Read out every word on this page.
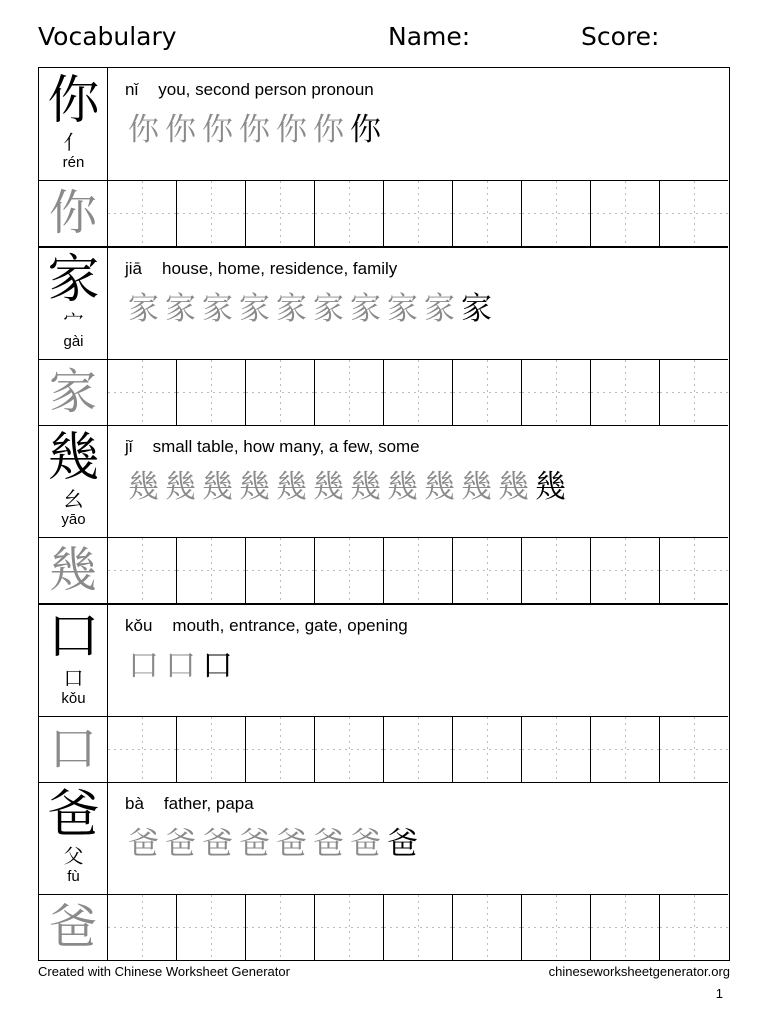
Vocabulary	Name:	Score:
你
亻
rén
nǐ you, second person pronoun
你 你 你 你 你 你 你
你
家
宀
gài
jiā house, home, residence, family
家 家 家 家 家 家 家 家 家 家
家
幾
幺
yāo
jǐ small table, how many, a few, some
幾 幾 幾 幾 幾 幾 幾 幾 幾 幾 幾 幾
幾
口
口
kǒu
kǒu mouth, entrance, gate, opening
口 口 口
口
爸
父
fù
bà father, papa
爸 爸 爸 爸 爸 爸 爸 爸
爸
Created with Chinese Worksheet Generator	chineseworksheetgenerator.org
1
